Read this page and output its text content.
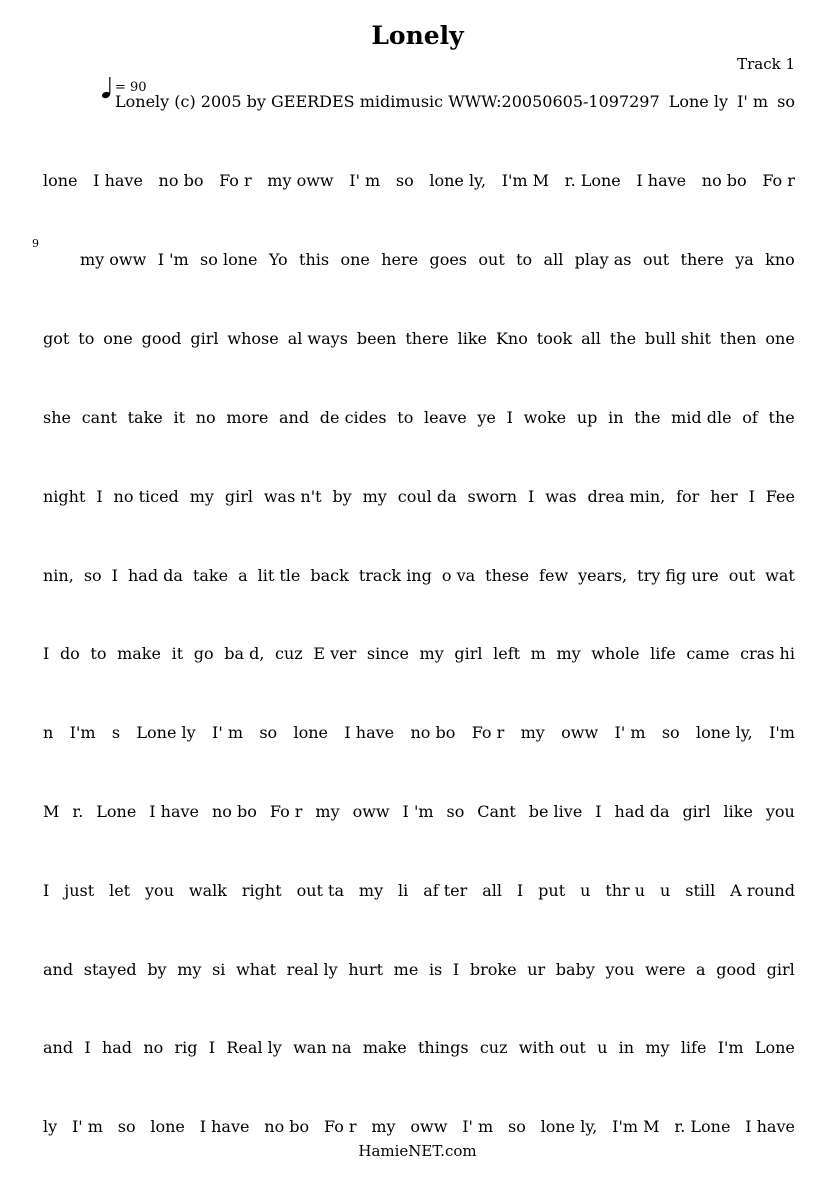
Lonely
Track 1
= 90
9
Lonely (c) 2005 by GEERDES midimusic WWW:20050605-1097297 Lone ly I' m so
lone I have no bo Fo r my oww I' m so lone ly, I'm M r. Lone I have no bo Fo r
my oww I 'm so lone Yo this one here goes out to all play as out there ya kno
got to one good girl whose al ways been there like Kno took all the bull shit then one
she cant take it no more and de cides to leave ye I woke up in the mid dle of the
night I no ticed my girl was n't by my coul da sworn I was drea min, for her I Fee
nin, so I had da take a lit tle back track ing o va these few years, try fig ure out wat
I do to make it go ba d, cuz E ver since my girl left m my whole life came cras hi
n I'm s Lone ly I' m so lone I have no bo Fo r my oww I' m so lone ly, I'm
M r. Lone I have no bo Fo r my oww I 'm so Cant be live I had da girl like you
I just let you walk right out ta my li af ter all I put u thr u u still A round
and stayed by my si what real ly hurt me is I broke ur baby you were a good girl
and I had no rig I Real ly wan na make things cuz with out u in my life I'm Lone
ly I' m so lone I have no bo Fo r my oww I' m so lone ly, I'm M r. Lone I have
HamieNET.com
